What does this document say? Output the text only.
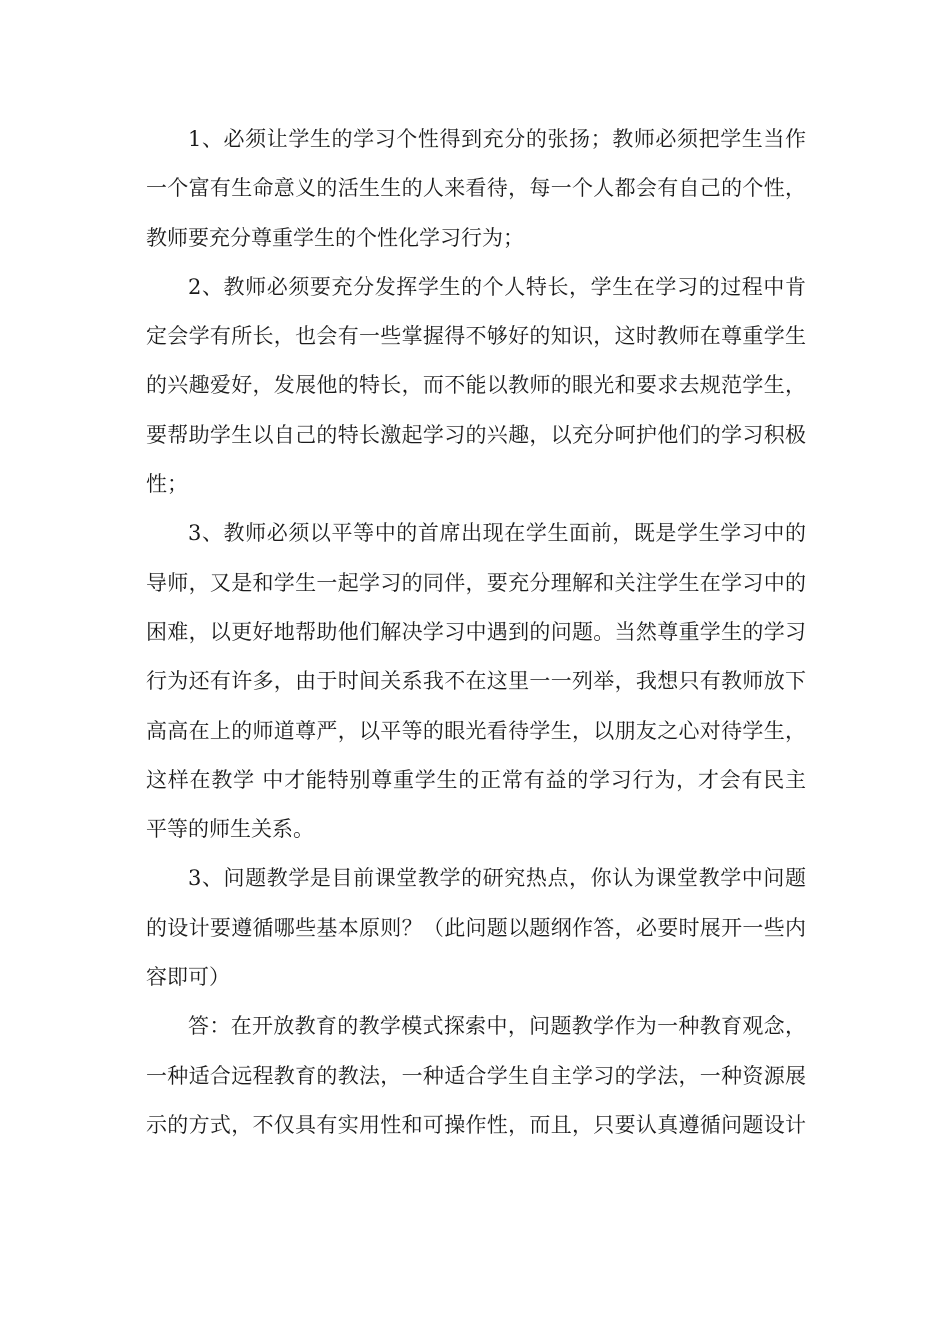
1、必须让学生的学习个性得到充分的张扬；教师必须把学生当作
一个富有生命意义的活生生的人来看待，每一个人都会有自己的个性，
教师要充分尊重学生的个性化学习行为；
2、教师必须要充分发挥学生的个人特长，学生在学习的过程中肯
定会学有所长，也会有一些掌握得不够好的知识，这时教师在尊重学生
的兴趣爱好，发展他的特长，而不能以教师的眼光和要求去规范学生，
要帮助学生以自己的特长激起学习的兴趣，以充分呵护他们的学习积极
性；
3、教师必须以平等中的首席出现在学生面前，既是学生学习中的
导师，又是和学生一起学习的同伴，要充分理解和关注学生在学习中的
困难，以更好地帮助他们解决学习中遇到的问题。当然尊重学生的学习
行为还有许多，由于时间关系我不在这里一一列举，我想只有教师放下
高高在上的师道尊严，以平等的眼光看待学生，以朋友之心对待学生，
这样在教学 中才能特别尊重学生的正常有益的学习行为，才会有民主
平等的师生关系。
3、问题教学是目前课堂教学的研究热点，你认为课堂教学中问题
的设计要遵循哪些基本原则？（此问题以题纲作答，必要时展开一些内
容即可）
答：在开放教育的教学模式探索中，问题教学作为一种教育观念，
一种适合远程教育的教法，一种适合学生自主学习的学法，一种资源展
示的方式，不仅具有实用性和可操作性，而且，只要认真遵循问题设计
